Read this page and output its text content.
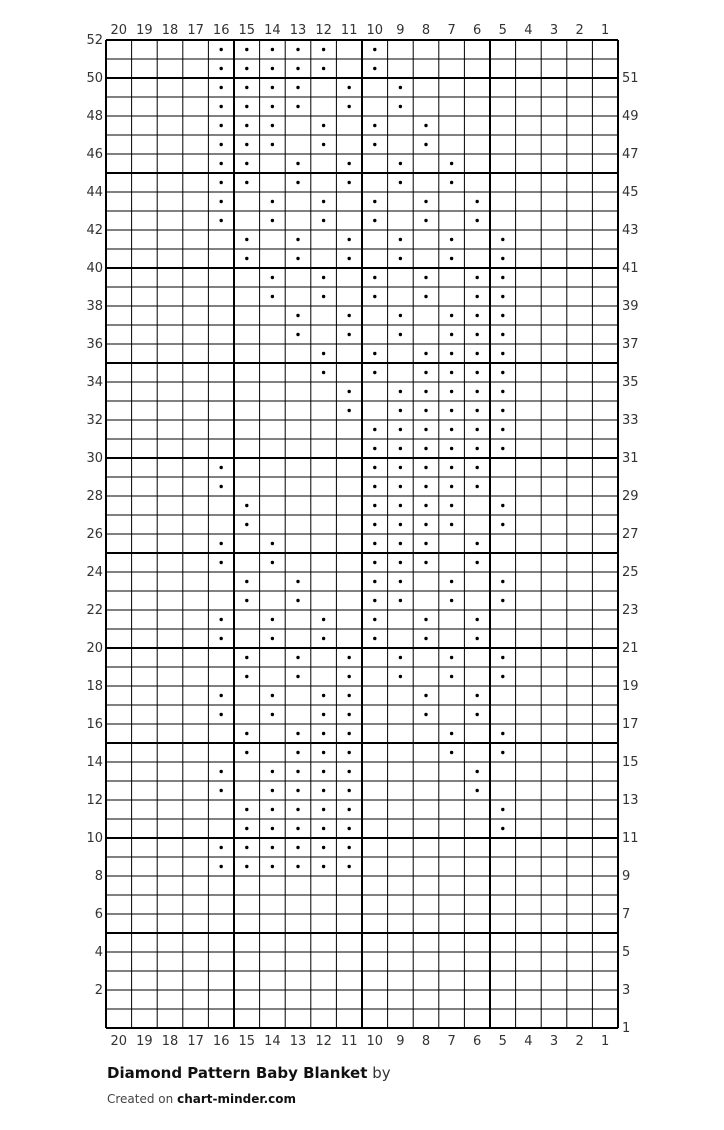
20
20
19
19
18
18
17
17
16
16
15
15
14
14
13
13
12
12
11
11
10
10
9
9
8
8
7
7
6
6
5
5
4
4
3
3
2
2
1
1
52
50
48
46
44
42
40
38
36
34
32
30
28
26
24
22
20
18
16
14
12
10
8
6
4
2
51
49
47
45
43
41
39
37
35
33
31
29
27
25
23
21
19
17
15
13
11
9
7
5
3
1
Diamond Pattern Baby Blanket by
Created on chart-minder.com
